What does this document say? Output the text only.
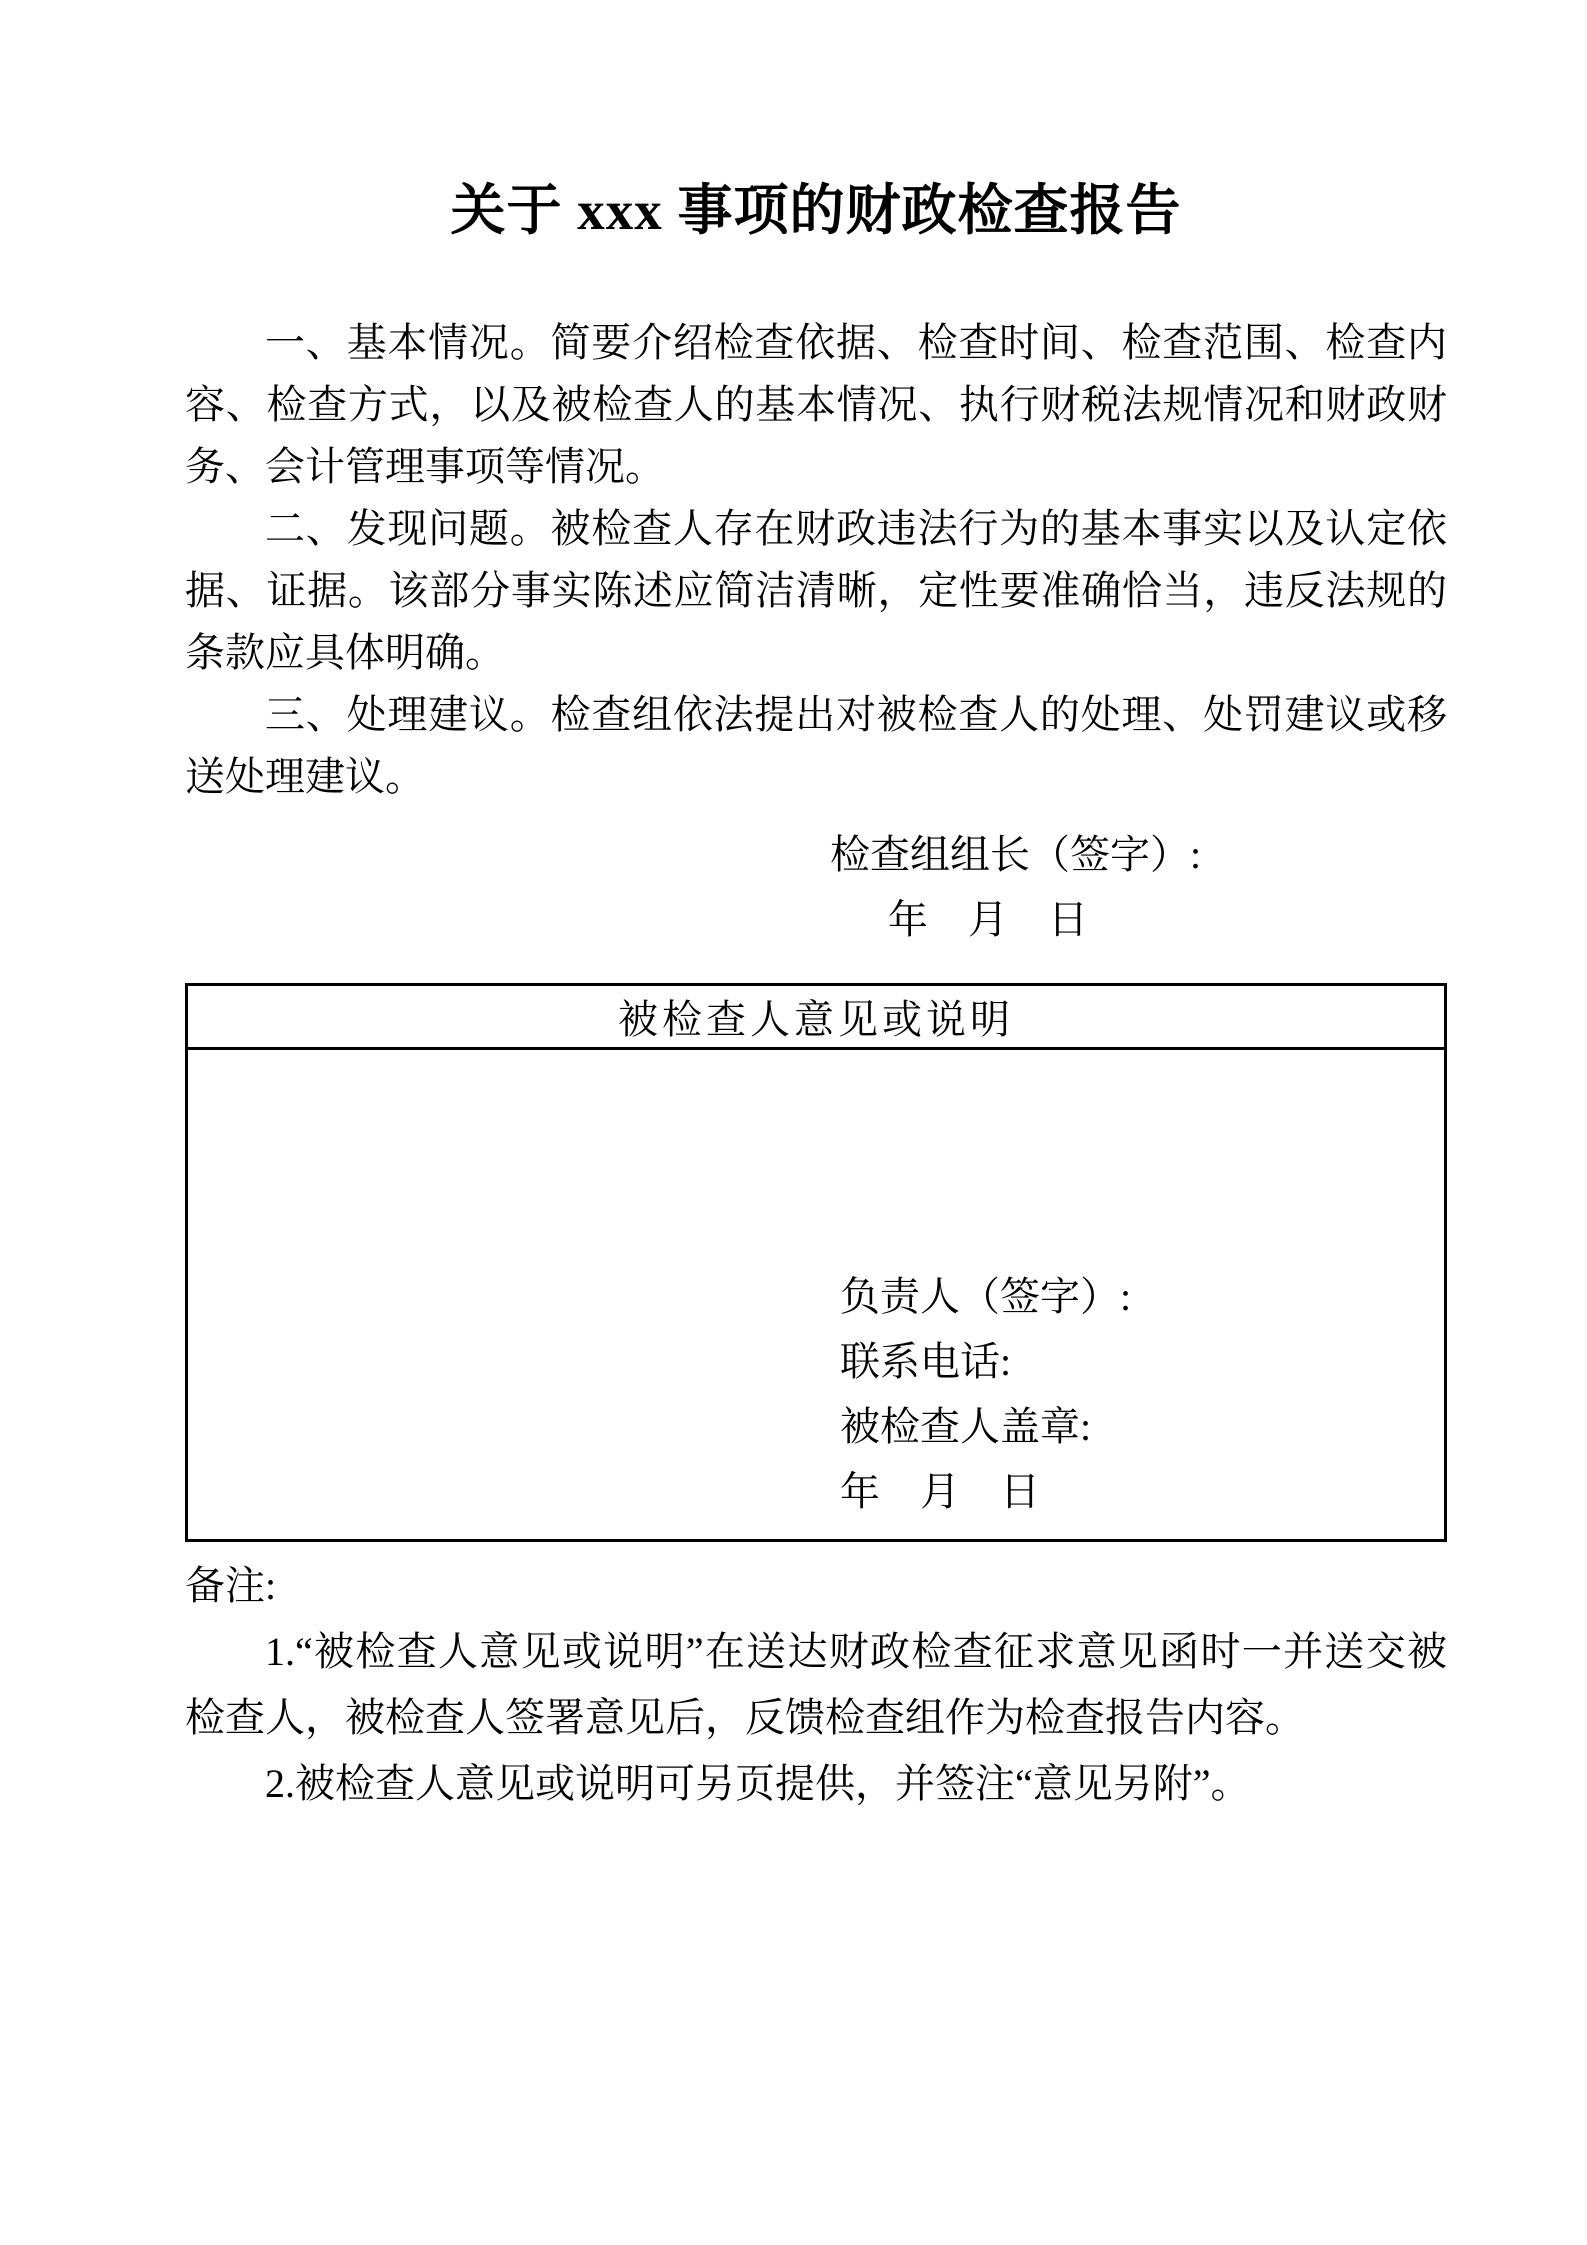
关于 xxx 事项的财政检查报告

一、基本情况。简要介绍检查依据、检查时间、检查范围、检查内容、检查方式，以及被检查人的基本情况、执行财税法规情况和财政财务、会计管理事项等情况。

二、发现问题。被检查人存在财政违法行为的基本事实以及认定依据、证据。该部分事实陈述应简洁清晰，定性要准确恰当，违反法规的条款应具体明确。

三、处理建议。检查组依法提出对被检查人的处理、处罚建议或移送处理建议。

检查组组长（签字）:
年　月　日
被检查人意见或说明
负责人（签字）:
联系电话:
被检查人盖章:
年　月　日

备注:

1.“被检查人意见或说明”在送达财政检查征求意见函时一并送交被检查人，被检查人签署意见后，反馈检查组作为检查报告内容。

2.被检查人意见或说明可另页提供，并签注“意见另附”。
